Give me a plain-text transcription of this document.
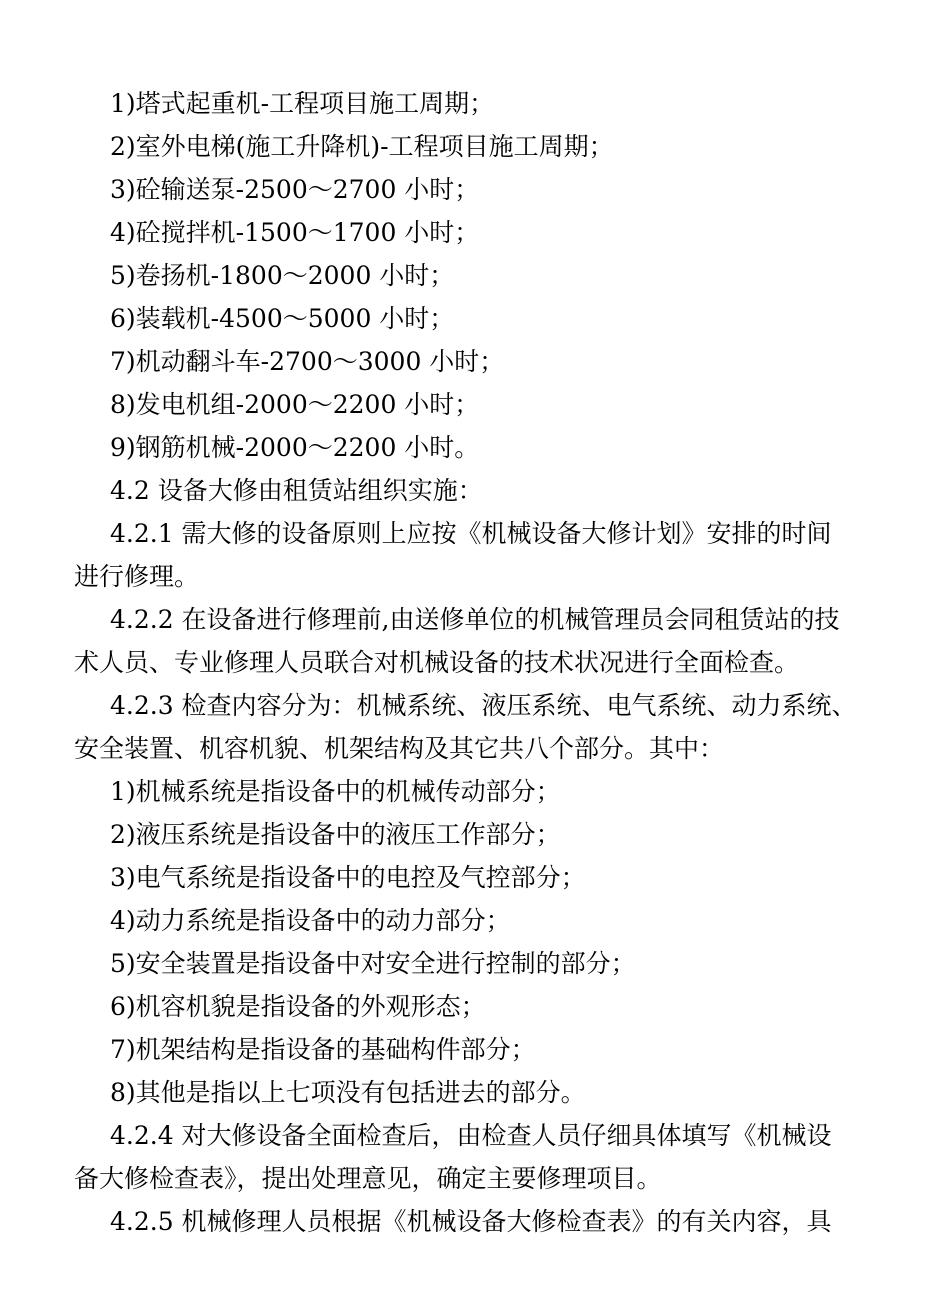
1)塔式起重机-工程项目施工周期；

2)室外电梯(施工升降机)-工程项目施工周期；

3)砼输送泵-2500～2700 小时；

4)砼搅拌机-1500～1700 小时；

5)卷扬机-1800～2000 小时；

6)装载机-4500～5000 小时；

7)机动翻斗车-2700～3000 小时；

8)发电机组-2000～2200 小时；

9)钢筋机械-2000～2200 小时。

4.2 设备大修由租赁站组织实施：

4.2.1 需大修的设备原则上应按《机械设备大修计划》安排的时间

进行修理。

4.2.2 在设备进行修理前,由送修单位的机械管理员会同租赁站的技

术人员、专业修理人员联合对机械设备的技术状况进行全面检查。

4.2.3 检查内容分为：机械系统、液压系统、电气系统、动力系统、

安全装置、机容机貌、机架结构及其它共八个部分。其中：

1)机械系统是指设备中的机械传动部分；

2)液压系统是指设备中的液压工作部分；

3)电气系统是指设备中的电控及气控部分；

4)动力系统是指设备中的动力部分；

5)安全装置是指设备中对安全进行控制的部分；

6)机容机貌是指设备的外观形态；

7)机架结构是指设备的基础构件部分；

8)其他是指以上七项没有包括进去的部分。

4.2.4 对大修设备全面检查后，由检查人员仔细具体填写《机械设

备大修检查表》，提出处理意见，确定主要修理项目。

4.2.5 机械修理人员根据《机械设备大修检查表》的有关内容，具
